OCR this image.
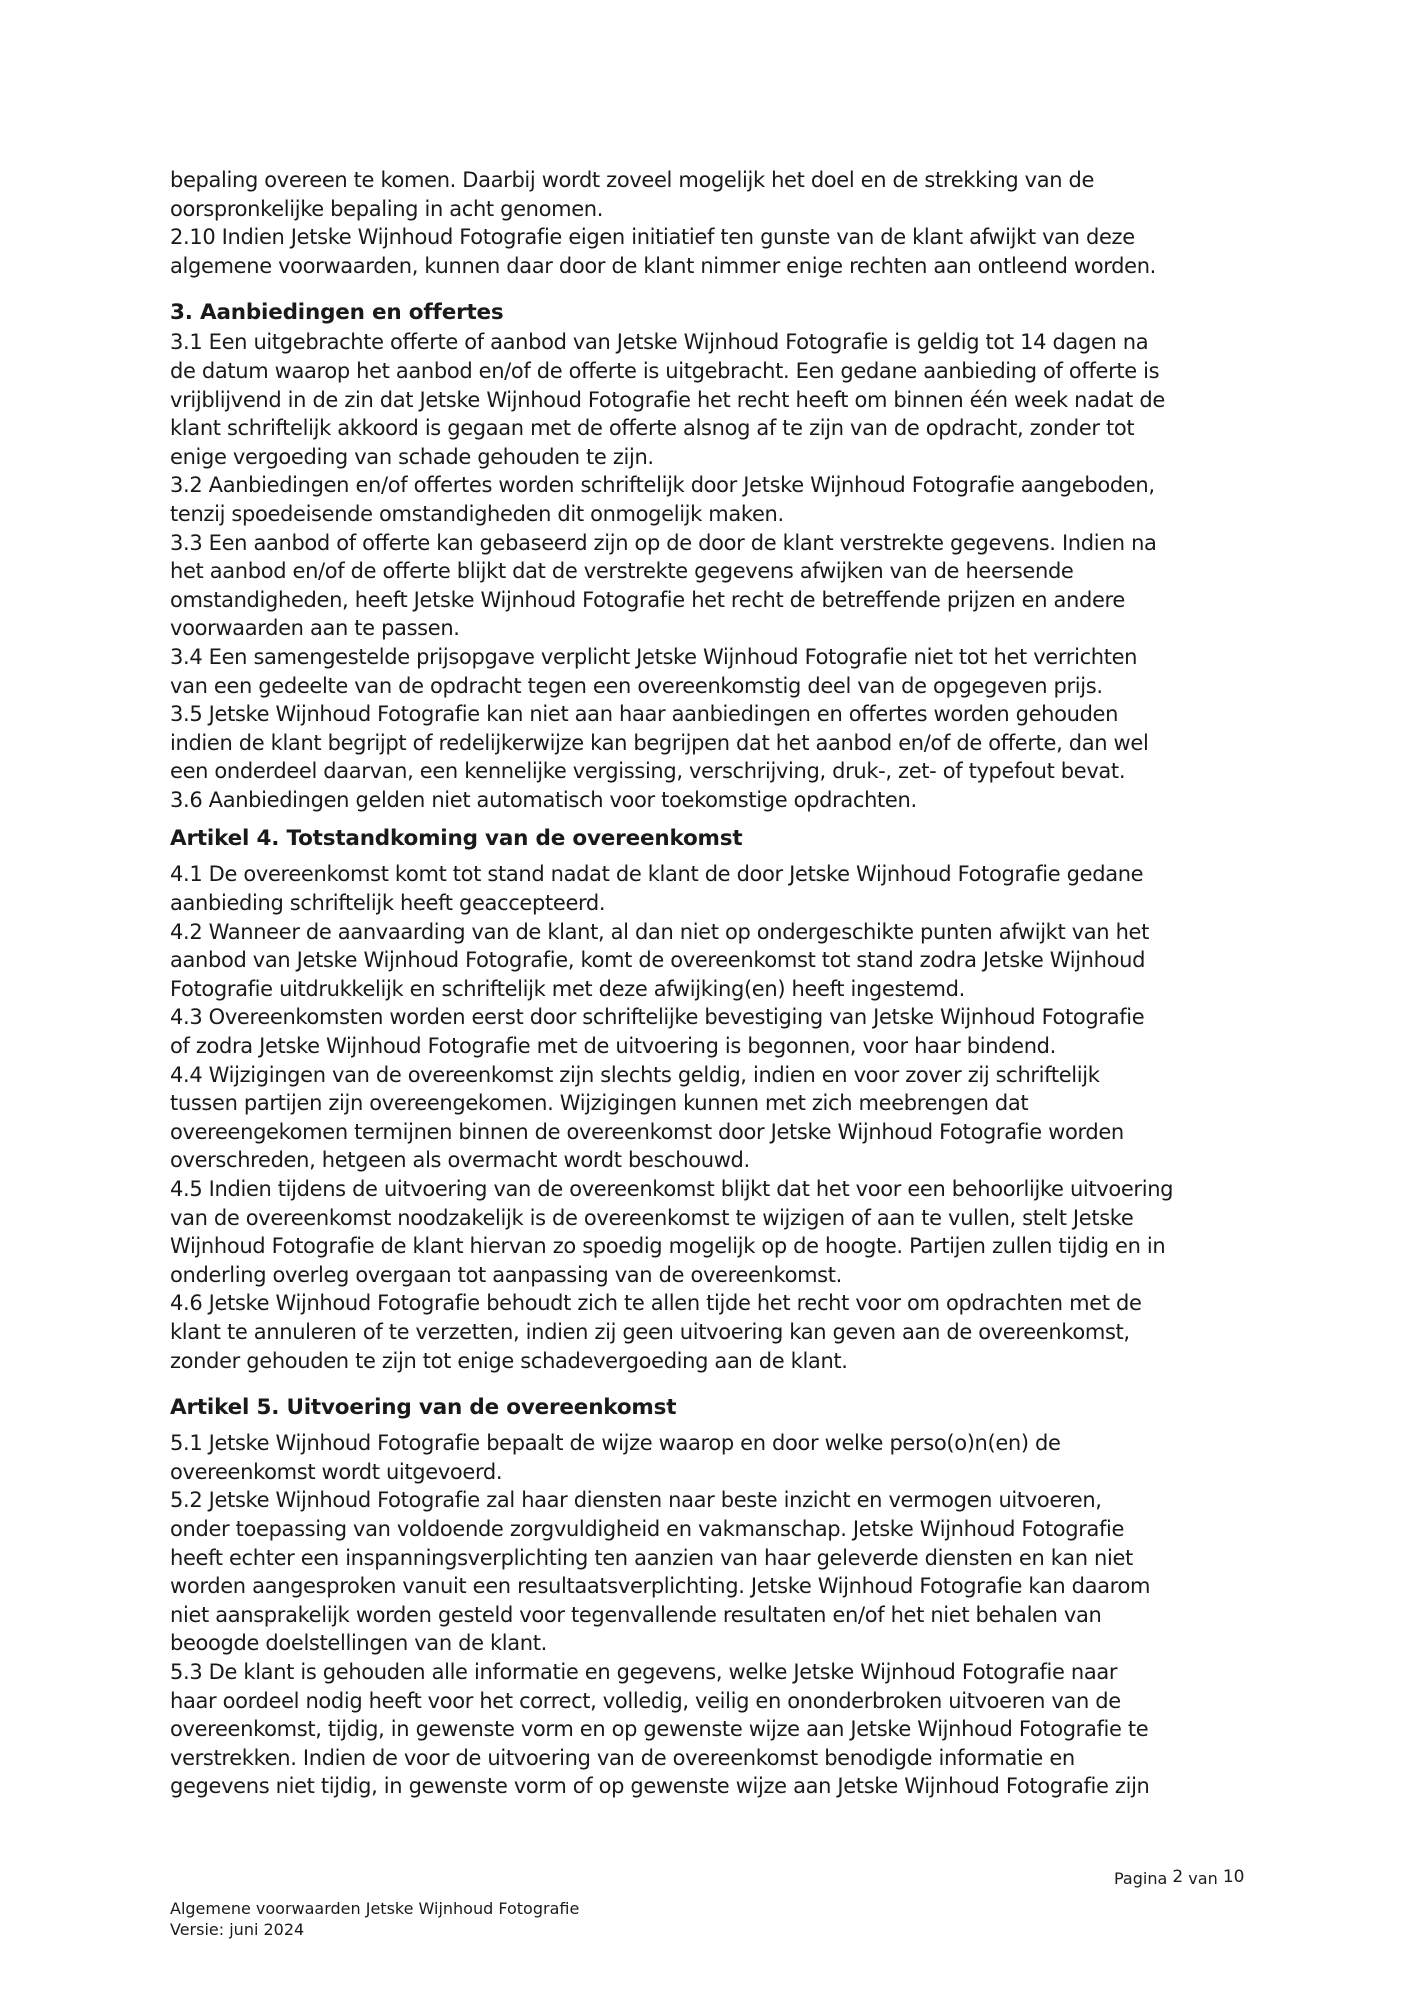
bepaling overeen te komen. Daarbij wordt zoveel mogelijk het doel en de strekking van de

oorspronkelijke bepaling in acht genomen.

2.10 Indien Jetske Wijnhoud Fotografie eigen initiatief ten gunste van de klant afwijkt van deze

algemene voorwaarden, kunnen daar door de klant nimmer enige rechten aan ontleend worden.

3. Aanbiedingen en offertes

3.1 Een uitgebrachte offerte of aanbod van Jetske Wijnhoud Fotografie is geldig tot 14 dagen na

de datum waarop het aanbod en/of de offerte is uitgebracht. Een gedane aanbieding of offerte is

vrijblijvend in de zin dat Jetske Wijnhoud Fotografie het recht heeft om binnen één week nadat de

klant schriftelijk akkoord is gegaan met de offerte alsnog af te zijn van de opdracht, zonder tot

enige vergoeding van schade gehouden te zijn.

3.2 Aanbiedingen en/of offertes worden schriftelijk door Jetske Wijnhoud Fotografie aangeboden,

tenzij spoedeisende omstandigheden dit onmogelijk maken.

3.3 Een aanbod of offerte kan gebaseerd zijn op de door de klant verstrekte gegevens. Indien na

het aanbod en/of de offerte blijkt dat de verstrekte gegevens afwijken van de heersende

omstandigheden, heeft Jetske Wijnhoud Fotografie het recht de betreffende prijzen en andere

voorwaarden aan te passen.

3.4 Een samengestelde prijsopgave verplicht Jetske Wijnhoud Fotografie niet tot het verrichten

van een gedeelte van de opdracht tegen een overeenkomstig deel van de opgegeven prijs.

3.5 Jetske Wijnhoud Fotografie kan niet aan haar aanbiedingen en offertes worden gehouden

indien de klant begrijpt of redelijkerwijze kan begrijpen dat het aanbod en/of de offerte, dan wel

een onderdeel daarvan, een kennelijke vergissing, verschrijving, druk-, zet- of typefout bevat.

3.6 Aanbiedingen gelden niet automatisch voor toekomstige opdrachten.

Artikel 4. Totstandkoming van de overeenkomst

4.1 De overeenkomst komt tot stand nadat de klant de door Jetske Wijnhoud Fotografie gedane

aanbieding schriftelijk heeft geaccepteerd.

4.2 Wanneer de aanvaarding van de klant, al dan niet op ondergeschikte punten afwijkt van het

aanbod van Jetske Wijnhoud Fotografie, komt de overeenkomst tot stand zodra Jetske Wijnhoud

Fotografie uitdrukkelijk en schriftelijk met deze afwijking(en) heeft ingestemd.

4.3 Overeenkomsten worden eerst door schriftelijke bevestiging van Jetske Wijnhoud Fotografie

of zodra Jetske Wijnhoud Fotografie met de uitvoering is begonnen, voor haar bindend.

4.4 Wijzigingen van de overeenkomst zijn slechts geldig, indien en voor zover zij schriftelijk

tussen partijen zijn overeengekomen. Wijzigingen kunnen met zich meebrengen dat

overeengekomen termijnen binnen de overeenkomst door Jetske Wijnhoud Fotografie worden

overschreden, hetgeen als overmacht wordt beschouwd.

4.5 Indien tijdens de uitvoering van de overeenkomst blijkt dat het voor een behoorlijke uitvoering

van de overeenkomst noodzakelijk is de overeenkomst te wijzigen of aan te vullen, stelt Jetske

Wijnhoud Fotografie de klant hiervan zo spoedig mogelijk op de hoogte. Partijen zullen tijdig en in

onderling overleg overgaan tot aanpassing van de overeenkomst.

4.6 Jetske Wijnhoud Fotografie behoudt zich te allen tijde het recht voor om opdrachten met de

klant te annuleren of te verzetten, indien zij geen uitvoering kan geven aan de overeenkomst,

zonder gehouden te zijn tot enige schadevergoeding aan de klant.

Artikel 5. Uitvoering van de overeenkomst

5.1 Jetske Wijnhoud Fotografie bepaalt de wijze waarop en door welke perso(o)n(en) de

overeenkomst wordt uitgevoerd.

5.2 Jetske Wijnhoud Fotografie zal haar diensten naar beste inzicht en vermogen uitvoeren,

onder toepassing van voldoende zorgvuldigheid en vakmanschap. Jetske Wijnhoud Fotografie

heeft echter een inspanningsverplichting ten aanzien van haar geleverde diensten en kan niet

worden aangesproken vanuit een resultaatsverplichting. Jetske Wijnhoud Fotografie kan daarom

niet aansprakelijk worden gesteld voor tegenvallende resultaten en/of het niet behalen van

beoogde doelstellingen van de klant.

5.3 De klant is gehouden alle informatie en gegevens, welke Jetske Wijnhoud Fotografie naar

haar oordeel nodig heeft voor het correct, volledig, veilig en ononderbroken uitvoeren van de

overeenkomst, tijdig, in gewenste vorm en op gewenste wijze aan Jetske Wijnhoud Fotografie te

verstrekken. Indien de voor de uitvoering van de overeenkomst benodigde informatie en

gegevens niet tijdig, in gewenste vorm of op gewenste wijze aan Jetske Wijnhoud Fotografie zijn

Pagina 2 van 10
Algemene voorwaarden Jetske Wijnhoud Fotografie
Versie: juni 2024
